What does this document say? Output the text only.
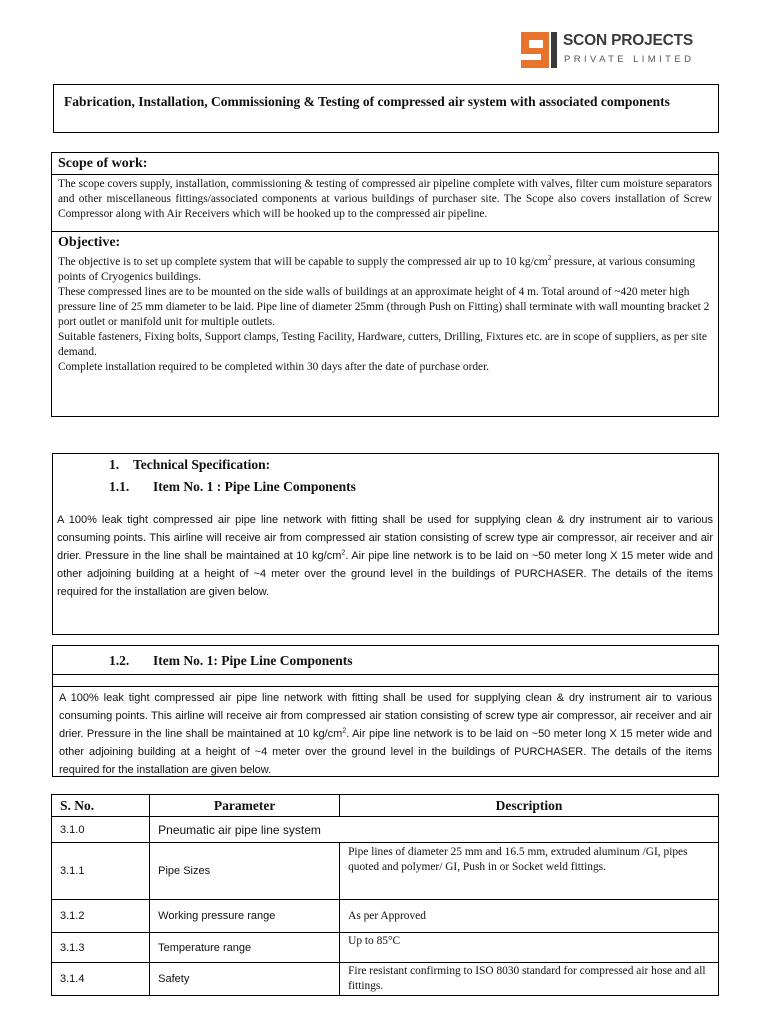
SCON PROJECTS
PRIVATE LIMITED
Fabrication, Installation, Commissioning & Testing of compressed air system with associated components
Scope of work:
The scope covers supply, installation, commissioning & testing of compressed air pipeline complete with valves, filter cum moisture separators and other miscellaneous fittings/associated components at various buildings of purchaser site. The Scope also covers installation of Screw Compressor along with Air Receivers which will be hooked up to the compressed air pipeline.
Objective:

The objective is to set up complete system that will be capable to supply the compressed air up to 10 $kg/cm^2$ pressure, at various consuming points of Cryogenics buildings.

These compressed lines are to be mounted on the side walls of buildings at an approximate height of 4 m. Total around of ~420 meter high pressure line of 25 mm diameter to be laid. Pipe line of diameter 25mm (through Push on Fitting) shall terminate with wall mounting bracket 2 port outlet or manifold unit for multiple outlets.

Suitable fasteners, Fixing bolts, Support clamps, Testing Facility, Hardware, cutters, Drilling, Fixtures etc. are in scope of suppliers, as per site demand.

Complete installation required to be completed within 30 days after the date of purchase order.

1. Technical Specification:
1.1. Item No. 1 : Pipe Line Components
A 100% leak tight compressed air pipe line network with fitting shall be used for supplying clean & dry instrument air to various consuming points. This airline will receive air from compressed air station consisting of screw type air compressor, air receiver and air drier. Pressure in the line shall be maintained at 10 $kg/cm^2$. Air pipe line network is to be laid on ~50 meter long X 15 meter wide and other adjoining building at a height of ~4 meter over the ground level in the buildings of PURCHASER. The details of the items required for the installation are given below.
1.2. Item No. 1: Pipe Line Components
A 100% leak tight compressed air pipe line network with fitting shall be used for supplying clean & dry instrument air to various consuming points. This airline will receive air from compressed air station consisting of screw type air compressor, air receiver and air drier. Pressure in the line shall be maintained at 10 $kg/cm^2$. Air pipe line network is to be laid on ~50 meter long X 15 meter wide and other adjoining building at a height of ~4 meter over the ground level in the buildings of PURCHASER. The details of the items required for the installation are given below.
S. No.	Parameter	Description
3.1.0	Pneumatic air pipe line system	
3.1.1	Pipe Sizes	Pipe lines of diameter 25 mm and 16.5 mm, extruded aluminum /GI, pipes quoted and polymer/ GI, Push in or Socket weld fittings.
3.1.2	Working pressure range	As per Approved
3.1.3	Temperature range	Up to 85°C
3.1.4	Safety	Fire resistant confirming to ISO 8030 standard for compressed air hose and all fittings.
